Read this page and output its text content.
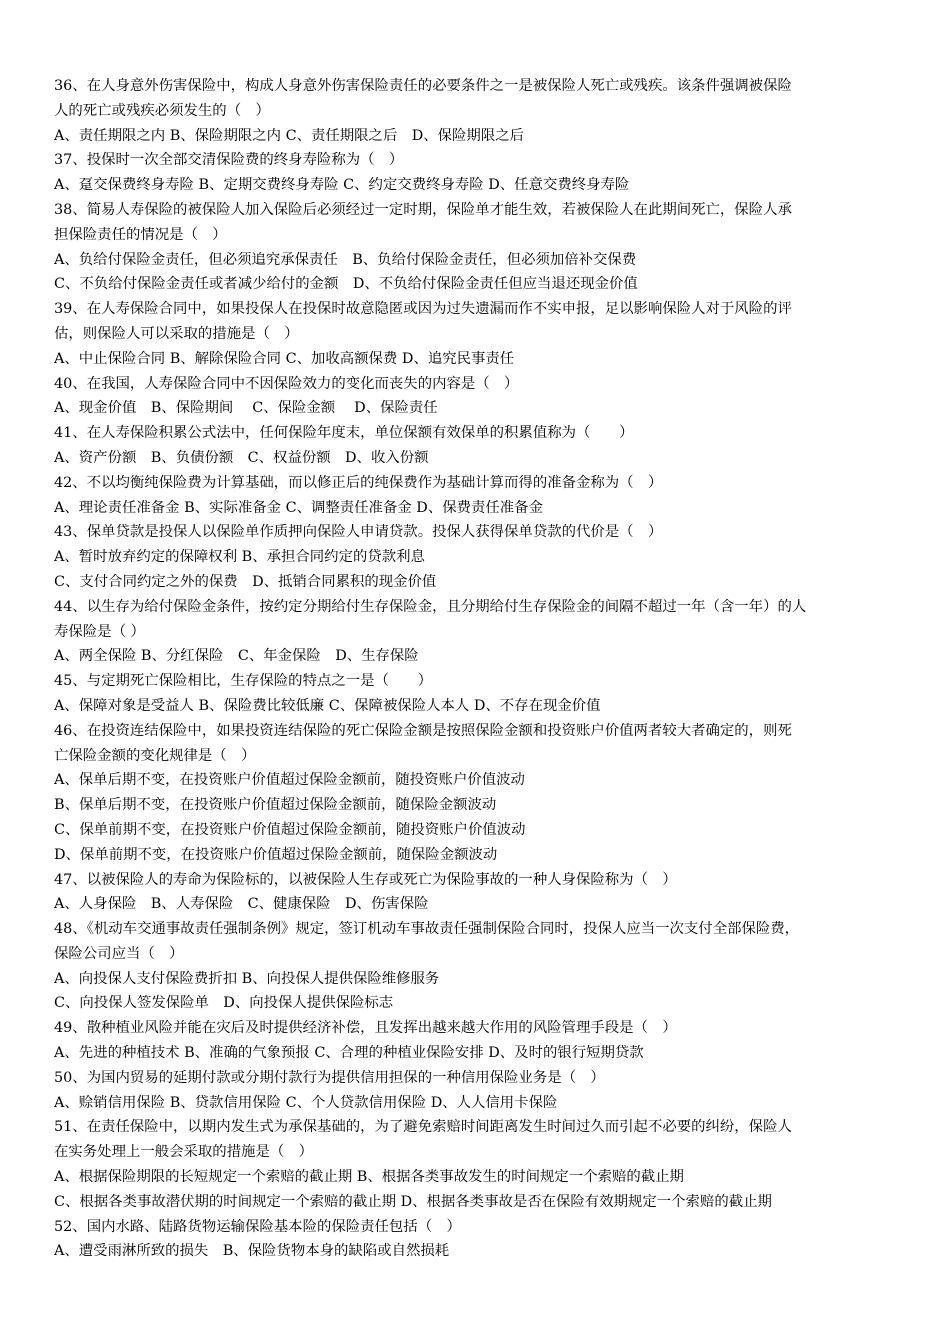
36、在人身意外伤害保险中，构成人身意外伤害保险责任的必要条件之一是被保险人死亡或残疾。该条件强调被保险
人的死亡或残疾必须发生的（　）
A、责任期限之内 B、保险期限之内 C、责任期限之后　D、保险期限之后
37、投保时一次全部交清保险费的终身寿险称为（　）
A、趸交保费终身寿险 B、定期交费终身寿险 C、约定交费终身寿险 D、任意交费终身寿险
38、简易人寿保险的被保险人加入保险后必须经过一定时期，保险单才能生效，若被保险人在此期间死亡，保险人承
担保险责任的情况是（　）
A、负给付保险金责任，但必须追究承保责任　B、负给付保险金责任，但必须加倍补交保费
C、不负给付保险金责任或者减少给付的金额　D、不负给付保险金责任但应当退还现金价值
39、在人寿保险合同中，如果投保人在投保时故意隐匿或因为过失遗漏而作不实申报，足以影响保险人对于风险的评
估，则保险人可以采取的措施是（　）
A、中止保险合同 B、解除保险合同 C、加收高额保费 D、追究民事责任
40、在我国，人寿保险合同中不因保险效力的变化而丧失的内容是（　）
A、现金价值　B、保险期间　 C、保险金额　 D、保险责任
41、在人寿保险积累公式法中，任何保险年度末，单位保额有效保单的积累值称为（　　）
A、资产份额　B、负债份额　C、权益份额　D、收入份额
42、不以均衡纯保险费为计算基础，而以修正后的纯保费作为基础计算而得的准备金称为（　）
A、理论责任准备金 B、实际准备金 C、调整责任准备金 D、保费责任准备金
43、保单贷款是投保人以保险单作质押向保险人申请贷款。投保人获得保单贷款的代价是（　）
A、暂时放弃约定的保障权利 B、承担合同约定的贷款利息
C、支付合同约定之外的保费　D、抵销合同累积的现金价值
44、以生存为给付保险金条件，按约定分期给付生存保险金，且分期给付生存保险金的间隔不超过一年（含一年）的人
寿保险是（ ）
A、两全保险 B、分红保险　C、年金保险　D、生存保险
45、与定期死亡保险相比，生存保险的特点之一是（　　）
A、保障对象是受益人 B、保险费比较低廉 C、保障被保险人本人 D、不存在现金价值
46、在投资连结保险中，如果投资连结保险的死亡保险金额是按照保险金额和投资账户价值两者较大者确定的，则死
亡保险金额的变化规律是（　）
A、保单后期不变，在投资账户价值超过保险金额前，随投资账户价值波动
B、保单后期不变，在投资账户价值超过保险金额前，随保险金额波动
C、保单前期不变，在投资账户价值超过保险金额前，随投资账户价值波动
D、保单前期不变，在投资账户价值超过保险金额前，随保险金额波动
47、以被保险人的寿命为保险标的，以被保险人生存或死亡为保险事故的一种人身保险称为（　）
A、人身保险　B、人寿保险　C、健康保险　D、伤害保险
48、《机动车交通事故责任强制条例》规定，签订机动车事故责任强制保险合同时，投保人应当一次支付全部保险费，
保险公司应当（　）
A、向投保人支付保险费折扣 B、向投保人提供保险维修服务
C、向投保人签发保险单　D、向投保人提供保险标志
49、散种植业风险并能在灾后及时提供经济补偿，且发挥出越来越大作用的风险管理手段是（　）
A、先进的种植技术 B、准确的气象预报 C、合理的种植业保险安排 D、及时的银行短期贷款
50、为国内贸易的延期付款或分期付款行为提供信用担保的一种信用保险业务是（　）
A、赊销信用保险 B、贷款信用保险 C、个人贷款信用保险 D、人人信用卡保险
51、在责任保险中，以期内发生式为承保基础的，为了避免索赔时间距离发生时间过久而引起不必要的纠纷，保险人
在实务处理上一般会采取的措施是（　）
A、根据保险期限的长短规定一个索赔的截止期 B、根据各类事故发生的时间规定一个索赔的截止期
C、根据各类事故潜伏期的时间规定一个索赔的截止期 D、根据各类事故是否在保险有效期规定一个索赔的截止期
52、国内水路、陆路货物运输保险基本险的保险责任包括（　）
A、遭受雨淋所致的损失　B、保险货物本身的缺陷或自然损耗
